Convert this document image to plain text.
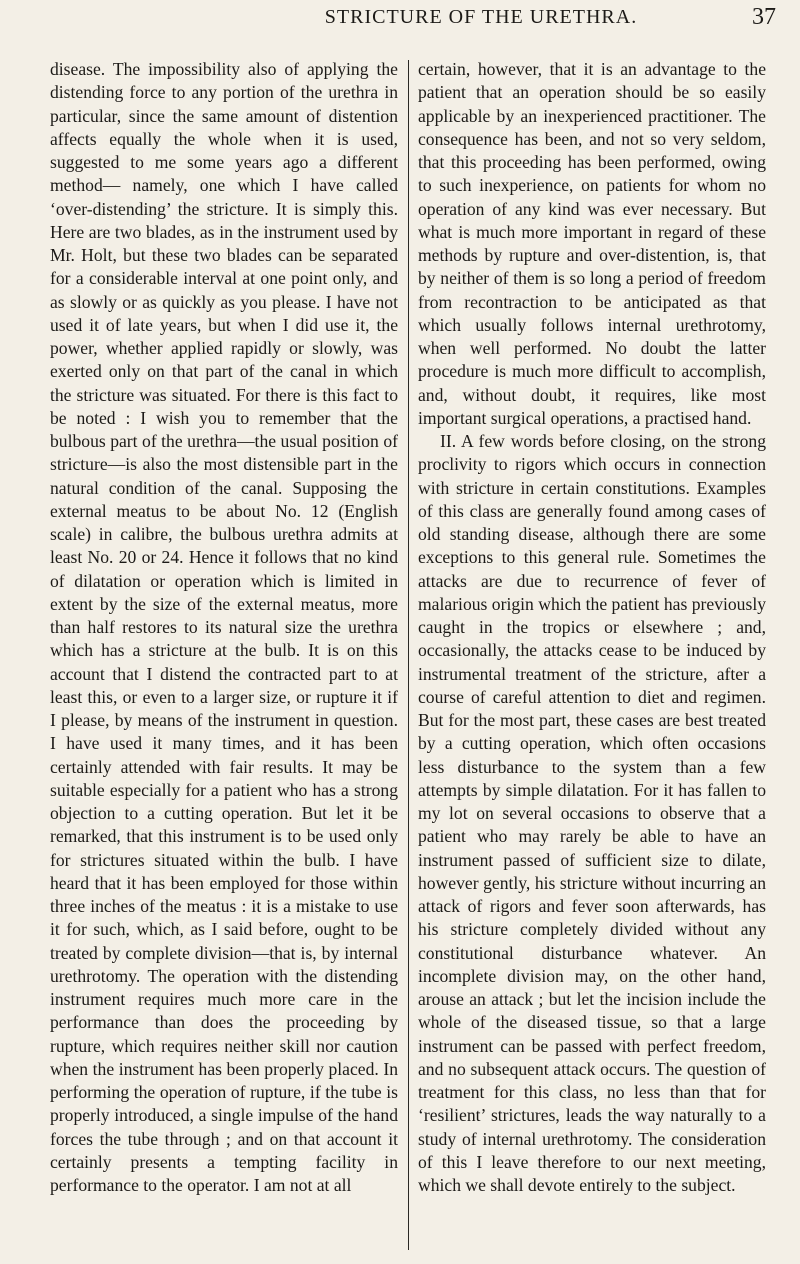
STRICTURE OF THE URETHRA.	37

disease. The impossibility also of applying the distending force to any portion of the urethra in particular, since the same amount of distention affects equally the whole when it is used, suggested to me some years ago a different method— namely, one which I have called ‘over-distending’ the stricture. It is simply this. Here are two blades, as in the instrument used by Mr. Holt, but these two blades can be separated for a considerable interval at one point only, and as slowly or as quickly as you please. I have not used it of late years, but when I did use it, the power, whether applied rapidly or slowly, was exerted only on that part of the canal in which the stricture was situated. For there is this fact to be noted : I wish you to remember that the bulbous part of the urethra—the usual position of stricture—is also the most distensible part in the natural condition of the canal. Supposing the external meatus to be about No. 12 (English scale) in calibre, the bulbous urethra admits at least No. 20 or 24. Hence it follows that no kind of dilatation or operation which is limited in extent by the size of the external meatus, more than half restores to its natural size the urethra which has a stricture at the bulb. It is on this account that I distend the contracted part to at least this, or even to a larger size, or rupture it if I please, by means of the instrument in question. I have used it many times, and it has been certainly attended with fair results. It may be suitable especially for a patient who has a strong objection to a cutting operation. But let it be remarked, that this instrument is to be used only for strictures situated within the bulb. I have heard that it has been employed for those within three inches of the meatus : it is a mistake to use it for such, which, as I said before, ought to be treated by complete division—that is, by internal urethrotomy. The operation with the distending instrument requires much more care in the performance than does the proceeding by rupture, which requires neither skill nor caution when the instrument has been properly placed. In performing the operation of rupture, if the tube is properly introduced, a single impulse of the hand forces the tube through ; and on that account it certainly presents a tempting facility in performance to the operator. I am not at all

certain, however, that it is an advantage to the patient that an operation should be so easily applicable by an inexperienced practitioner. The consequence has been, and not so very seldom, that this proceeding has been performed, owing to such inexperience, on patients for whom no operation of any kind was ever necessary. But what is much more important in regard of these methods by rupture and over-distention, is, that by neither of them is so long a period of freedom from recontraction to be anticipated as that which usually follows internal urethrotomy, when well performed. No doubt the latter procedure is much more difficult to accomplish, and, without doubt, it requires, like most important surgical operations, a practised hand.

II. A few words before closing, on the strong proclivity to rigors which occurs in connection with stricture in certain constitutions. Examples of this class are generally found among cases of old standing disease, although there are some exceptions to this general rule. Sometimes the attacks are due to recurrence of fever of malarious origin which the patient has previously caught in the tropics or elsewhere ; and, occasionally, the attacks cease to be induced by instrumental treatment of the stricture, after a course of careful attention to diet and regimen. But for the most part, these cases are best treated by a cutting operation, which often occasions less disturbance to the system than a few attempts by simple dilatation. For it has fallen to my lot on several occasions to observe that a patient who may rarely be able to have an instrument passed of sufficient size to dilate, however gently, his stricture without incurring an attack of rigors and fever soon afterwards, has his stricture completely divided without any constitutional disturbance whatever. An incomplete division may, on the other hand, arouse an attack ; but let the incision include the whole of the diseased tissue, so that a large instrument can be passed with perfect freedom, and no subsequent attack occurs. The question of treatment for this class, no less than that for ‘resilient’ strictures, leads the way naturally to a study of internal urethrotomy. The consideration of this I leave therefore to our next meeting, which we shall devote entirely to the subject.
